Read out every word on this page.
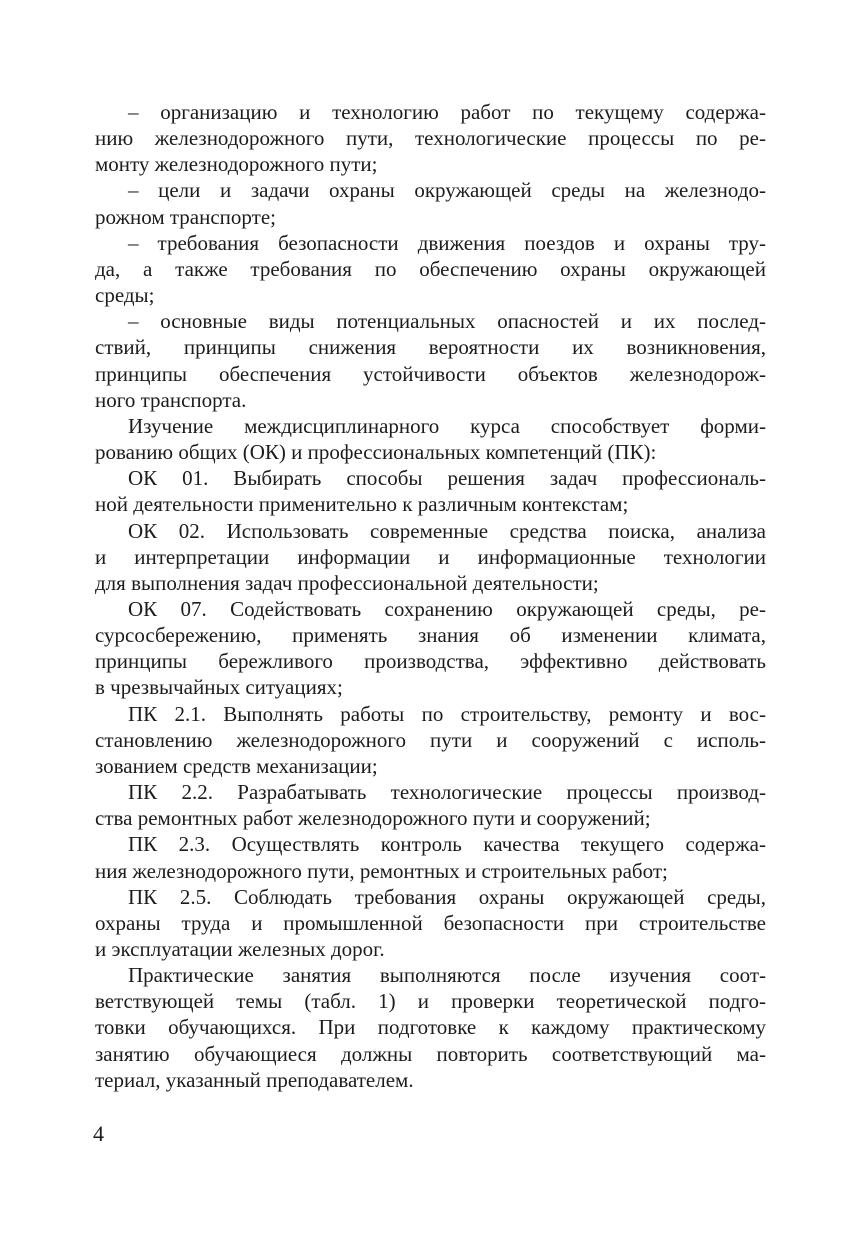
– организацию и технологию работ по текущему содержа-
нию железнодорожного пути, технологические процессы по ре-
монту железнодорожного пути;
– цели и задачи охраны окружающей среды на железнодо-
рожном транспорте;
– требования безопасности движения поездов и охраны тру-
да, а также требования по обеспечению охраны окружающей
среды;
– основные виды потенциальных опасностей и их послед-
ствий, принципы снижения вероятности их возникновения,
принципы обеспечения устойчивости объектов железнодорож-
ного транспорта.
Изучение междисциплинарного курса способствует форми-
рованию общих (ОК) и профессиональных компетенций (ПК):
ОК 01. Выбирать способы решения задач профессиональ-
ной деятельности применительно к различным контекстам;
ОК 02. Использовать современные средства поиска, анализа
и интерпретации информации и информационные технологии
для выполнения задач профессиональной деятельности;
ОК 07. Содействовать сохранению окружающей среды, ре-
сурсосбережению, применять знания об изменении климата,
принципы бережливого производства, эффективно действовать
в чрезвычайных ситуациях;
ПК 2.1. Выполнять работы по строительству, ремонту и вос-
становлению железнодорожного пути и сооружений с исполь-
зованием средств механизации;
ПК 2.2. Разрабатывать технологические процессы производ-
ства ремонтных работ железнодорожного пути и сооружений;
ПК 2.3. Осуществлять контроль качества текущего содержа-
ния железнодорожного пути, ремонтных и строительных работ;
ПК 2.5. Соблюдать требования охраны окружающей среды,
охраны труда и промышленной безопасности при строительстве
и эксплуатации железных дорог.
Практические занятия выполняются после изучения соот-
ветствующей темы (табл. 1) и проверки теоретической подго-
товки обучающихся. При подготовке к каждому практическому
занятию обучающиеся должны повторить соответствующий ма-
териал, указанный преподавателем.
4
